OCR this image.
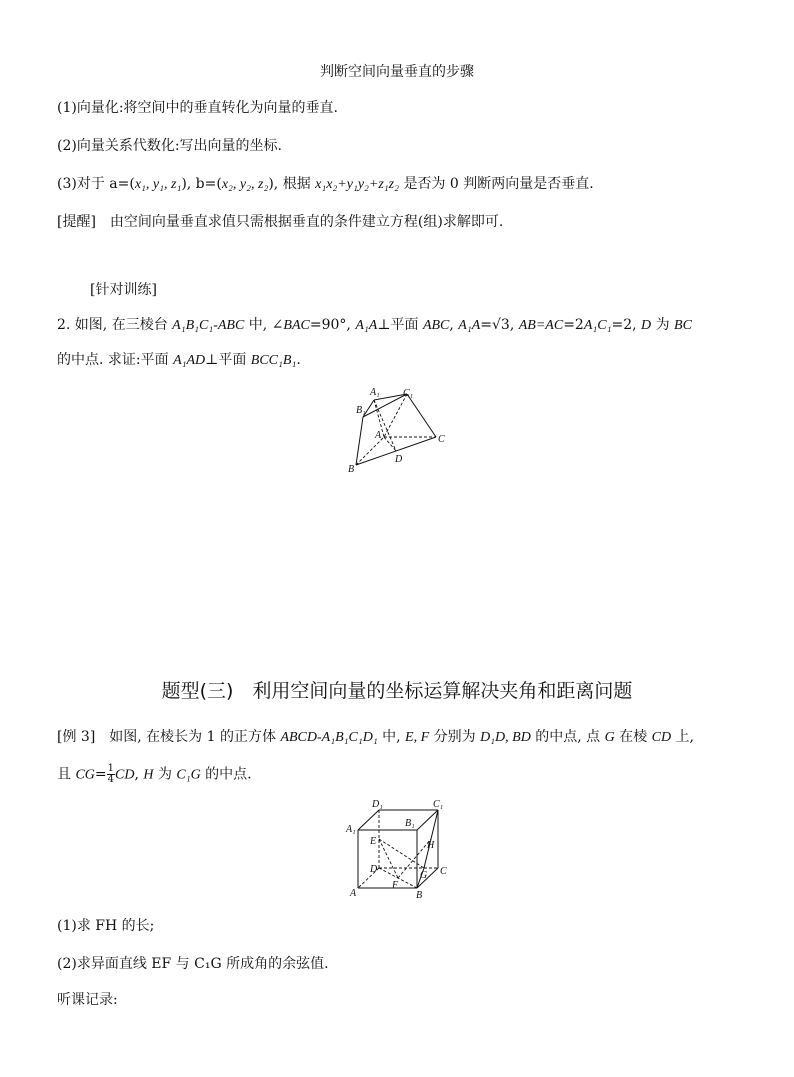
判断空间向量垂直的步骤
(1)向量化:将空间中的垂直转化为向量的垂直.
(2)向量关系代数化:写出向量的坐标.
(3)对于 a=(x₁, y₁, z₁), b=(x₂, y₂, z₂), 根据 x₁x₂+y₁y₂+z₁z₂ 是否为 0 判断两向量是否垂直.
[提醒]　由空间向量垂直求值只需根据垂直的条件建立方程(组)求解即可.
[针对训练]
2. 如图, 在三棱台 A₁B₁C₁-ABC 中, ∠BAC=90°, A₁A⊥平面 ABC, A₁A=√3, AB=AC=2A₁C₁=2, D 为 BC
的中点. 求证:平面 A₁AD⊥平面 BCC₁B₁.
A₁ C₁
B₁
A	C
B
D
题型(三)　利用空间向量的坐标运算解决夹角和距离问题
[例 3]　如图, 在棱长为 1 的正方体 ABCD-A₁B₁C₁D₁ 中, E, F 分别为 D₁D, BD 的中点, 点 G 在棱 CD 上,
且 $CG= \frac{1}{4}$ CD, H 为 C₁G 的中点.
D₁	C₁
A₁
B₁
E	H
D
F
G C
A	B
(1)求 FH 的长;
(2)求异面直线 EF 与 C₁G 所成角的余弦值.
听课记录:
